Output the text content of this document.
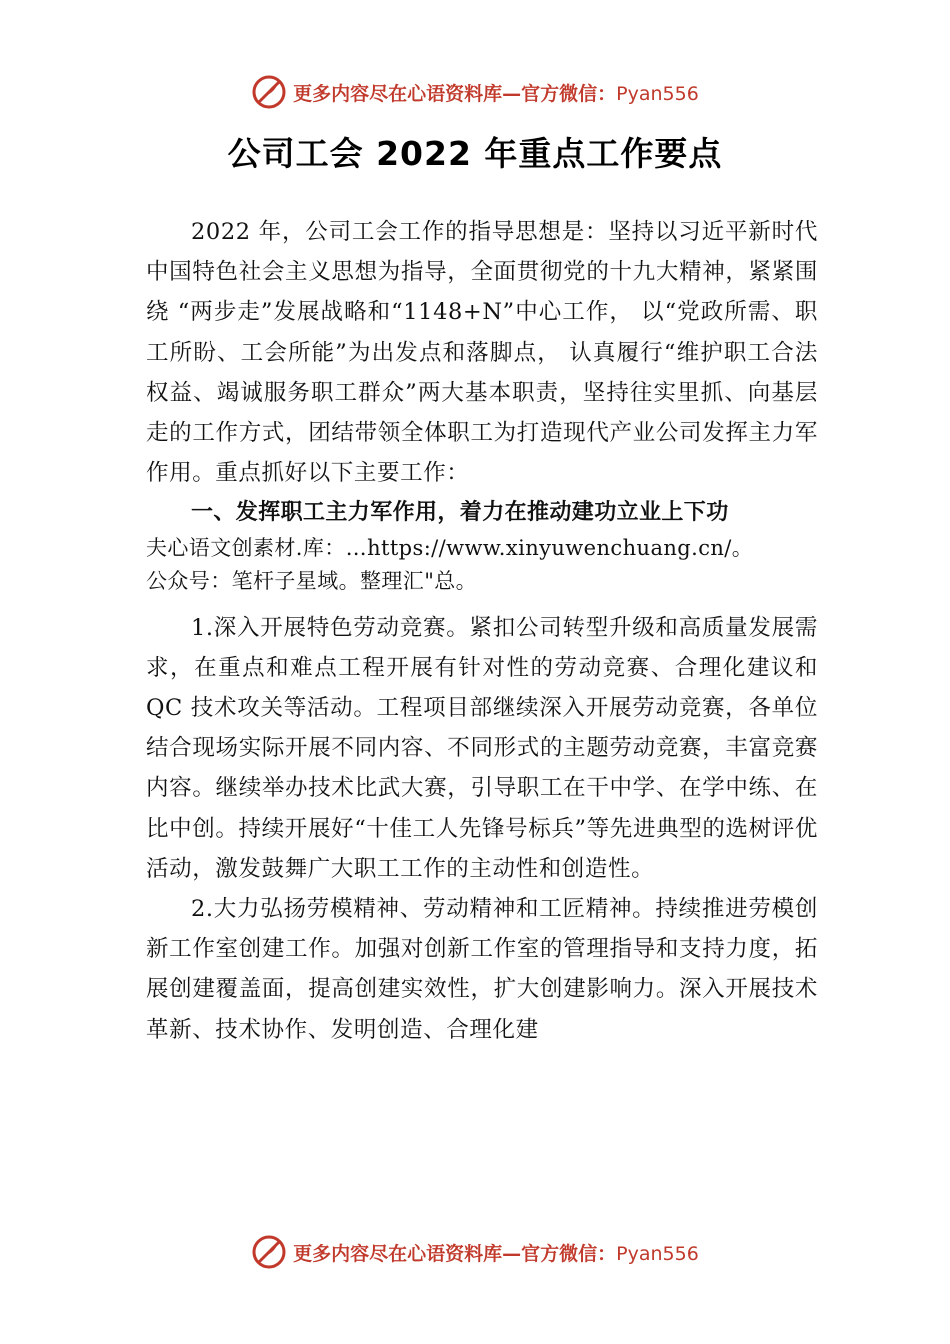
更多内容尽在心语资料库—官方微信：Pyan556
公司工会 2022 年重点工作要点

2022 年，公司工会工作的指导思想是：坚持以习近平新时代中国特色社会主义思想为指导，全面贯彻党的十九大精神，紧紧围绕 “两步走”发展战略和“1148+N”中心工作， 以“党政所需、职工所盼、工会所能”为出发点和落脚点， 认真履行“维护职工合法权益、竭诚服务职工群众”两大基本职责，坚持往实里抓、向基层走的工作方式，团结带领全体职工为打造现代产业公司发挥主力军作用。重点抓好以下主要工作：

一、发挥职工主力军作用，着力在推动建功立业上下功

夫心语文创素材.库：…https://www.xinyuwenchuang.cn/。

公众号：笔杆子星域。整理汇"总。

1.深入开展特色劳动竞赛。紧扣公司转型升级和高质量发展需求，在重点和难点工程开展有针对性的劳动竞赛、合理化建议和 QC 技术攻关等活动。工程项目部继续深入开展劳动竞赛，各单位结合现场实际开展不同内容、不同形式的主题劳动竞赛，丰富竞赛内容。继续举办技术比武大赛，引导职工在干中学、在学中练、在比中创。持续开展好“十佳工人先锋号标兵”等先进典型的选树评优活动，激发鼓舞广大职工工作的主动性和创造性。

2.大力弘扬劳模精神、劳动精神和工匠精神。持续推进劳模创新工作室创建工作。加强对创新工作室的管理指导和支持力度，拓展创建覆盖面，提高创建实效性，扩大创建影响力。深入开展技术革新、技术协作、发明创造、合理化建

更多内容尽在心语资料库—官方微信：Pyan556
